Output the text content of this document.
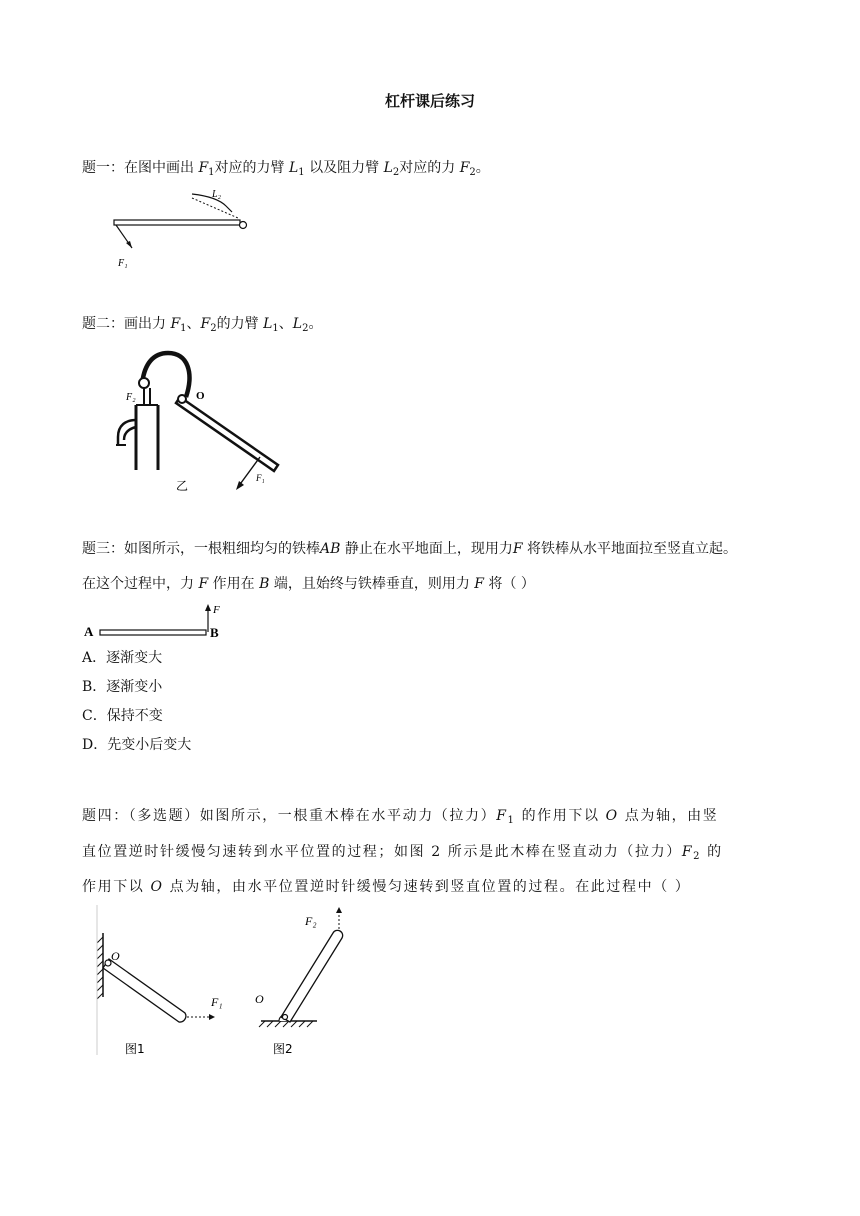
杠杆课后练习
题一：在图中画出 $F_1$对应的力臂 $L_1$ 以及阻力臂 $L_2$对应的力 $F_2$。
L₂
F₁
题二：画出力 $F_1$、$F_2$的力臂 $L_1$、$L_2$。
F₂	O
F₁
乙
题三：如图所示，一根粗细均匀的铁棒AB 静止在水平地面上，现用力F 将铁棒从水平地面拉至竖直立起。
在这个过程中，力 F 作用在 B 端，且始终与铁棒垂直，则用力 F 将（ ）
A	B
F
A．逐渐变大
B．逐渐变小
C．保持不变
D．先变小后变大
题四：（多选题）如图所示，一根重木棒在水平动力（拉力）$F_1$ 的作用下以 O 点为轴，由竖
直位置逆时针缓慢匀速转到水平位置的过程；如图 2 所示是此木棒在竖直动力（拉力）$F_2$ 的
作用下以 O 点为轴，由水平位置逆时针缓慢匀速转到竖直位置的过程。在此过程中（ ）
O
F₁
图1
O
F₂
图2
